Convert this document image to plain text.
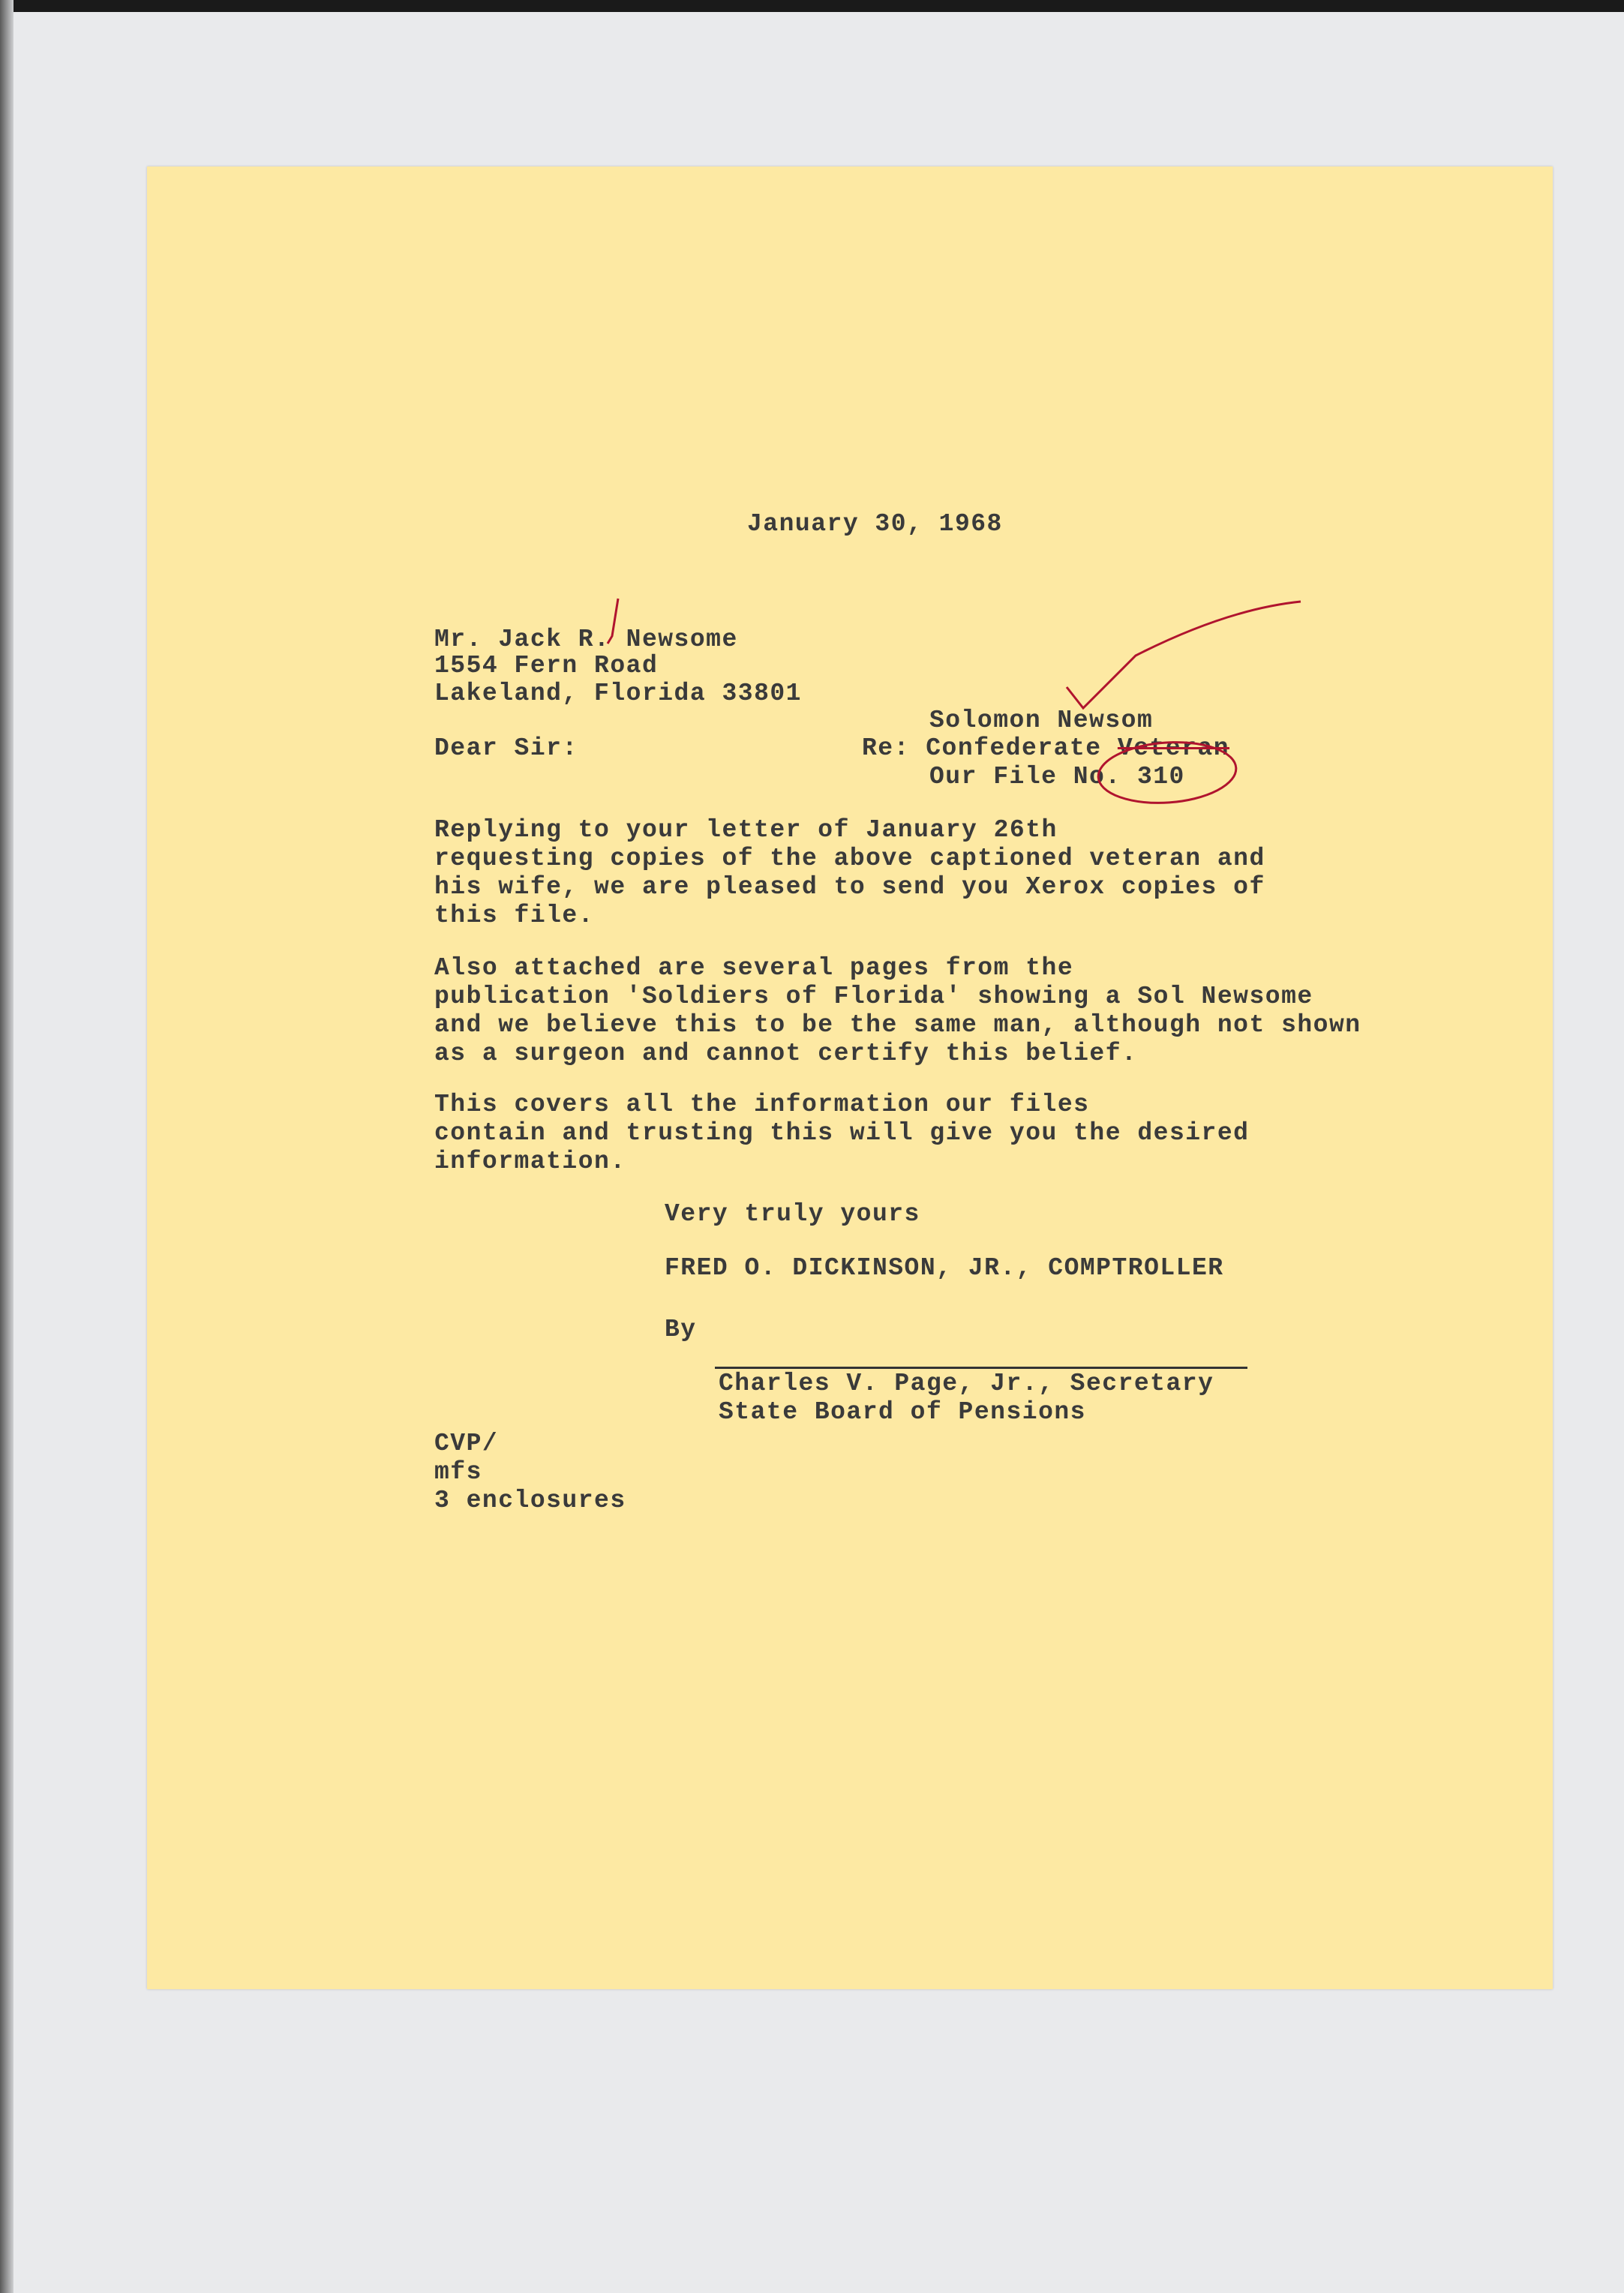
January 30, 1968
Mr. Jack R. Newsome
1554 Fern Road
Lakeland, Florida 33801
Solomon Newsom
Dear Sir:	Re: Confederate Veteran
Our File No. 310
Replying to your letter of January 26th
requesting copies of the above captioned veteran and
his wife, we are pleased to send you Xerox copies of
this file.
Also attached are several pages from the
publication 'Soldiers of Florida' showing a Sol Newsome
and we believe this to be the same man, although not shown
as a surgeon and cannot certify this belief.
This covers all the information our files
contain and trusting this will give you the desired
information.
Very truly yours
FRED O. DICKINSON, JR., COMPTROLLER
By
Charles V. Page, Jr., Secretary
State Board of Pensions
CVP/
mfs
3 enclosures
